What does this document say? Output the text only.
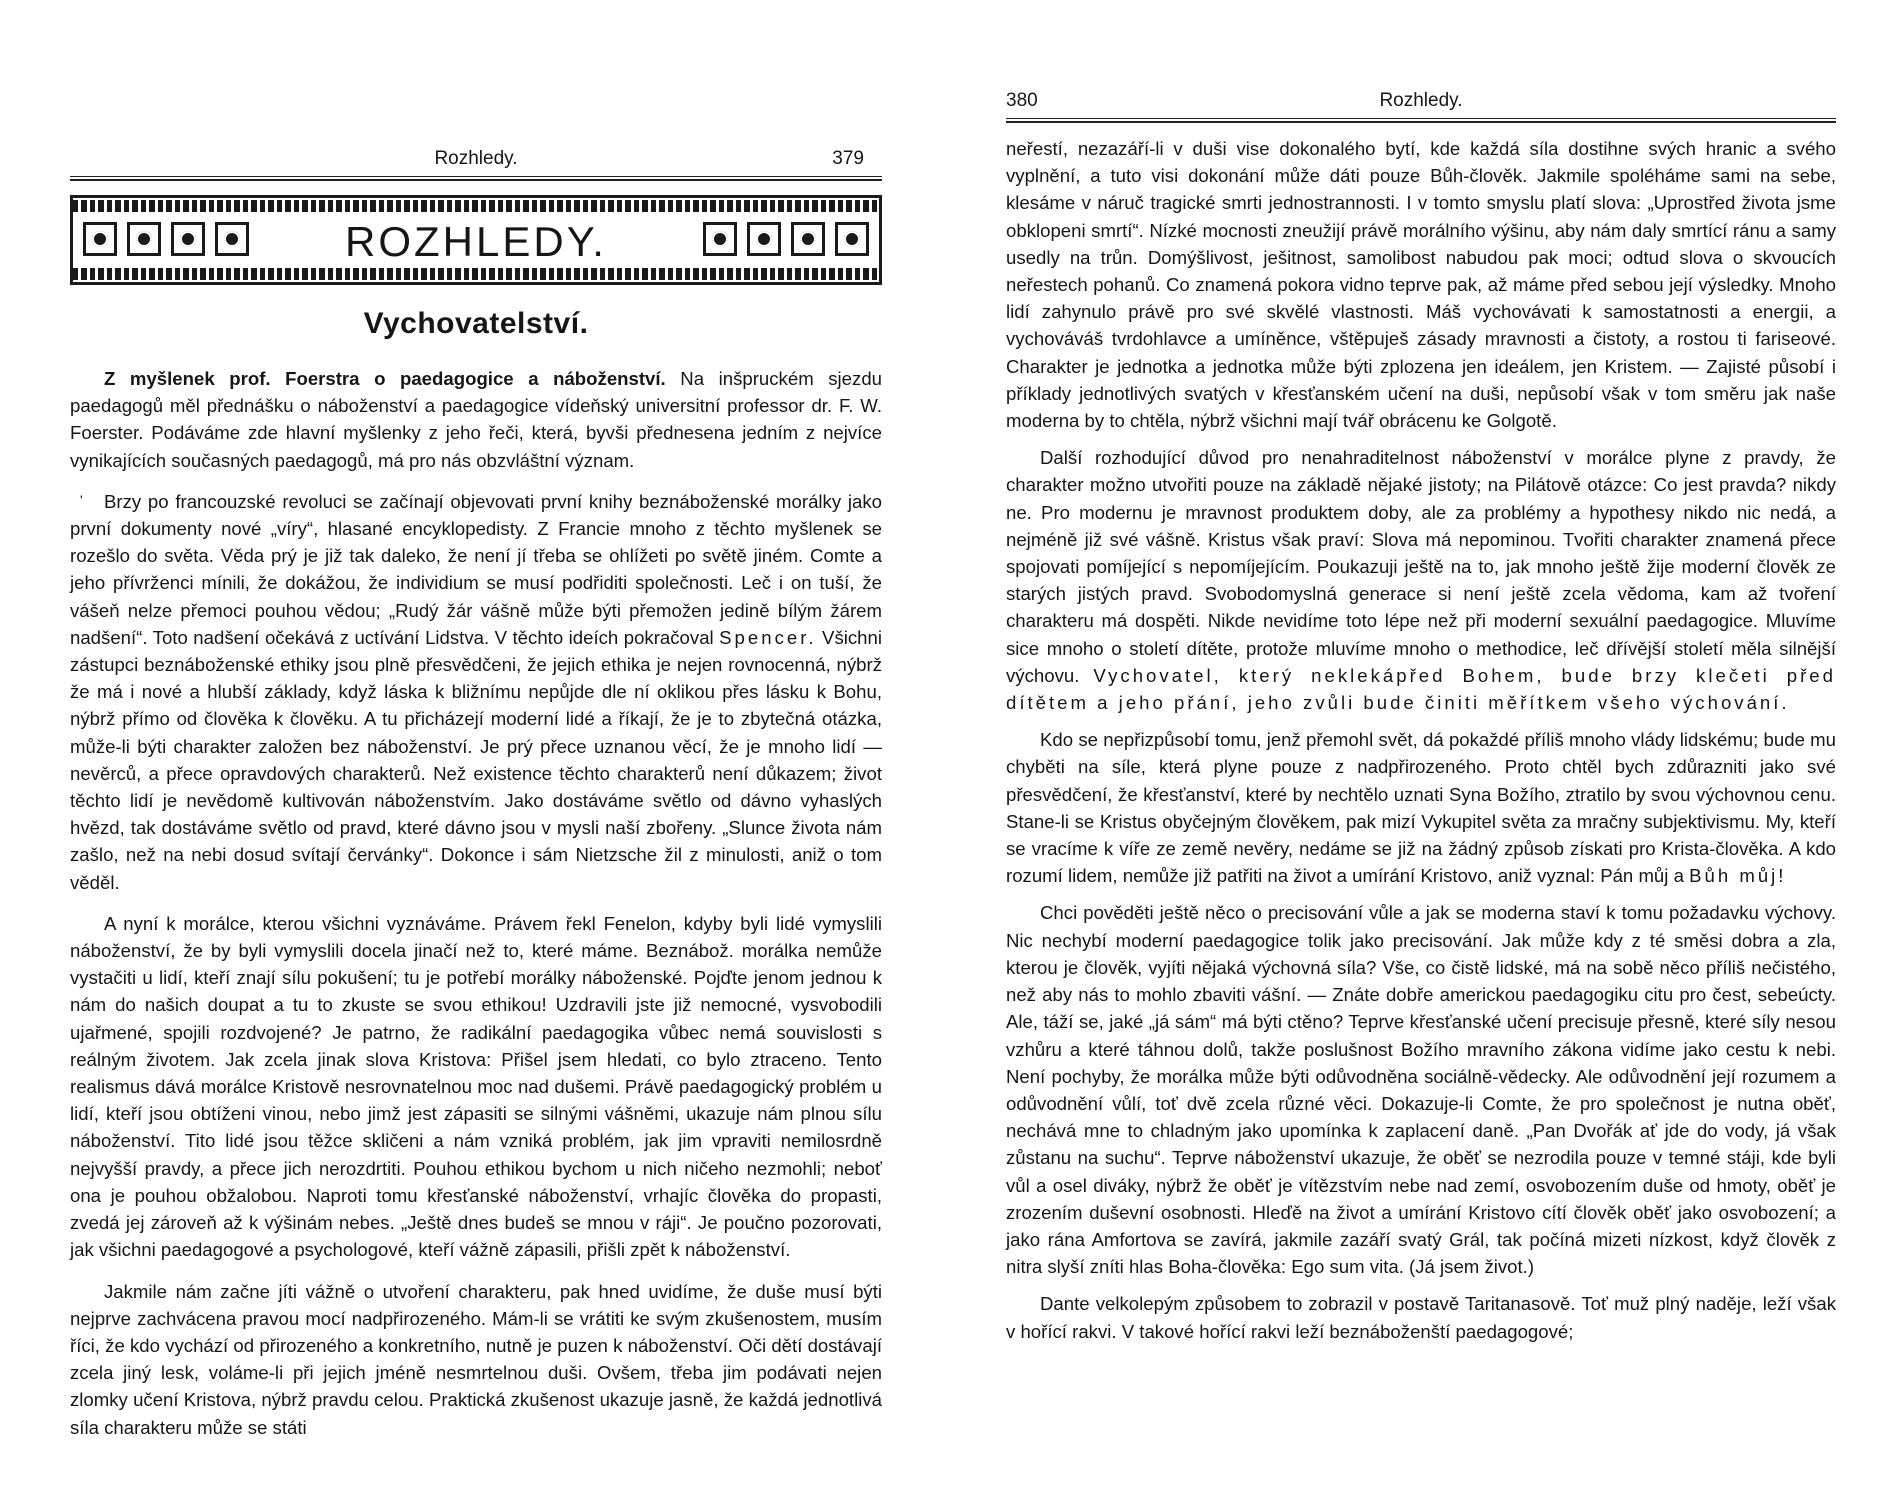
Rozhledy.	379
ROZHLEDY.
Vychovatelství.
'

Z myšlenek prof. Foerstra o paedagogice a náboženství. Na inšpruckém sjezdu paedagogů měl přednášku o náboženství a paedagogice vídeňský universitní professor dr. F. W. Foerster. Podáváme zde hlavní myšlenky z jeho řeči, která, byvši přednesena jedním z nejvíce vynikajících současných paedagogů, má pro nás obzvláštní význam.

Brzy po francouzské revoluci se začínají objevovati první knihy beznáboženské morálky jako první dokumenty nové „víry“, hlasané encyklopedisty. Z Francie mnoho z těchto myšlenek se rozešlo do světa. Věda prý je již tak daleko, že není jí třeba se ohlížeti po světě jiném. Comte a jeho přívrženci mínili, že dokážou, že individium se musí podřiditi společnosti. Leč i on tuší, že vášeň nelze přemoci pouhou vědou; „Rudý žár vášně může býti přemožen jedině bílým žárem nadšení“. Toto nadšení očekává z uctívání Lidstva. V těchto ideích pokračoval Spencer. Všichni zástupci beznáboženské ethiky jsou plně přesvědčeni, že jejich ethika je nejen rovnocenná, nýbrž že má i nové a hlubší základy, když láska k bližnímu nepůjde dle ní oklikou přes lásku k Bohu, nýbrž přímo od člověka k člověku. A tu přicházejí moderní lidé a říkají, že je to zbytečná otázka, může-li býti charakter založen bez náboženství. Je prý přece uznanou věcí, že je mnoho lidí — nevěrců, a přece opravdových charakterů. Než existence těchto charakterů není důkazem; život těchto lidí je nevědomě kultivován náboženstvím. Jako dostáváme světlo od dávno vyhaslých hvězd, tak dostáváme světlo od pravd, které dávno jsou v mysli naší zbořeny. „Slunce života nám zašlo, než na nebi dosud svítají červánky“. Dokonce i sám Nietzsche žil z minulosti, aniž o tom věděl.

A nyní k morálce, kterou všichni vyznáváme. Právem řekl Fenelon, kdyby byli lidé vymyslili náboženství, že by byli vymyslili docela jinačí než to, které máme. Beznábož. morálka nemůže vystačiti u lidí, kteří znají sílu pokušení; tu je potřebí morálky náboženské. Pojďte jenom jednou k nám do našich doupat a tu to zkuste se svou ethikou! Uzdravili jste již nemocné, vysvobodili ujařmené, spojili rozdvojené? Je patrno, že radikální paedagogika vůbec nemá souvislosti s reálným životem. Jak zcela jinak slova Kristova: Přišel jsem hledati, co bylo ztraceno. Tento realismus dává morálce Kristově nesrovnatelnou moc nad dušemi. Právě paedagogický problém u lidí, kteří jsou obtíženi vinou, nebo jimž jest zápasiti se silnými vášněmi, ukazuje nám plnou sílu náboženství. Tito lidé jsou těžce skličeni a nám vzniká problém, jak jim vpraviti nemilosrdně nejvyšší pravdy, a přece jich nerozdrtiti. Pouhou ethikou bychom u nich ničeho nezmohli; neboť ona je pouhou obžalobou. Naproti tomu křesťanské náboženství, vrhajíc člověka do propasti, zvedá jej zároveň až k výšinám nebes. „Ještě dnes budeš se mnou v ráji“. Je poučno pozorovati, jak všichni paedagogové a psychologové, kteří vážně zápasili, přišli zpět k náboženství.

Jakmile nám začne jíti vážně o utvoření charakteru, pak hned uvidíme, že duše musí býti nejprve zachvácena pravou mocí nadpřirozeného. Mám-li se vrátiti ke svým zkušenostem, musím říci, že kdo vychází od přirozeného a konkretního, nutně je puzen k náboženství. Oči dětí dostávají zcela jiný lesk, voláme-li při jejich jméně nesmrtelnou duši. Ovšem, třeba jim podávati nejen zlomky učení Kristova, nýbrž pravdu celou. Praktická zkušenost ukazuje jasně, že každá jednotlivá síla charakteru může se státi

380	Rozhledy.

neřestí, nezazáří-li v duši vise dokonalého bytí, kde každá síla dostihne svých hranic a svého vyplnění, a tuto visi dokonání může dáti pouze Bůh-člověk. Jakmile spoléháme sami na sebe, klesáme v náruč tragické smrti jednostrannosti. I v tomto smyslu platí slova: „Uprostřed života jsme obklopeni smrtí“. Nízké mocnosti zneužijí právě morálního výšinu, aby nám daly smrtící ránu a samy usedly na trůn. Domýšlivost, ješitnost, samolibost nabudou pak moci; odtud slova o skvoucích neřestech pohanů. Co znamená pokora vidno teprve pak, až máme před sebou její výsledky. Mnoho lidí zahynulo právě pro své skvělé vlastnosti. Máš vychovávati k samostatnosti a energii, a vychováváš tvrdohlavce a umíněnce, vštěpuješ zásady mravnosti a čistoty, a rostou ti fariseové. Charakter je jednotka a jednotka může býti zplozena jen ideálem, jen Kristem. — Zajisté působí i příklady jednotlivých svatých v křesťanském učení na duši, nepůsobí však v tom směru jak naše moderna by to chtěla, nýbrž všichni mají tvář obrácenu ke Golgotě.

Další rozhodující důvod pro nenahraditelnost náboženství v morálce plyne z pravdy, že charakter možno utvořiti pouze na základě nějaké jistoty; na Pilátově otázce: Co jest pravda? nikdy ne. Pro modernu je mravnost produktem doby, ale za problémy a hypothesy nikdo nic nedá, a nejméně již své vášně. Kristus však praví: Slova má nepominou. Tvořiti charakter znamená přece spojovati pomíjející s nepomíjejícím. Poukazuji ještě na to, jak mnoho ještě žije moderní člověk ze starých jistých pravd. Svobodomyslná generace si není ještě zcela vědoma, kam až tvoření charakteru má dospěti. Nikde nevidíme toto lépe než při moderní sexuální paedagogice. Mluvíme sice mnoho o století dítěte, protože mluvíme mnoho o methodice, leč dřívější století měla silnější výchovu. Vychovatel, který neklekápřed Bohem, bude brzy klečeti před dítětem a jeho přání, jeho zvůli bude činiti měřítkem všeho výchování.

Kdo se nepřizpůsobí tomu, jenž přemohl svět, dá pokaždé příliš mnoho vlády lidskému; bude mu chyběti na síle, která plyne pouze z nadpřirozeného. Proto chtěl bych zdůrazniti jako své přesvědčení, že křesťanství, které by nechtělo uznati Syna Božího, ztratilo by svou výchovnou cenu. Stane-li se Kristus obyčejným člověkem, pak mizí Vykupitel světa za mračny subjektivismu. My, kteří se vracíme k víře ze země nevěry, nedáme se již na žádný způsob získati pro Krista-člověka. A kdo rozumí lidem, nemůže již patřiti na život a umírání Kristovo, aniž vyznal: Pán můj a Bůh můj!

Chci pověděti ještě něco o precisování vůle a jak se moderna staví k tomu požadavku výchovy. Nic nechybí moderní paedagogice tolik jako precisování. Jak může kdy z té směsi dobra a zla, kterou je člověk, vyjíti nějaká výchovná síla? Vše, co čistě lidské, má na sobě něco příliš nečistého, než aby nás to mohlo zbaviti vášní. — Znáte dobře americkou paedagogiku citu pro čest, sebeúcty. Ale, táží se, jaké „já sám“ má býti ctěno? Teprve křesťanské učení precisuje přesně, které síly nesou vzhůru a které táhnou dolů, takže poslušnost Božího mravního zákona vidíme jako cestu k nebi. Není pochyby, že morálka může býti odůvodněna sociálně-vědecky. Ale odůvodnění její rozumem a odůvodnění vůlí, toť dvě zcela různé věci. Dokazuje-li Comte, že pro společnost je nutna oběť, nechává mne to chladným jako upomínka k zaplacení daně. „Pan Dvořák ať jde do vody, já však zůstanu na suchu“. Teprve náboženství ukazuje, že oběť se nezrodila pouze v temné stáji, kde byli vůl a osel diváky, nýbrž že oběť je vítězstvím nebe nad zemí, osvobozením duše od hmoty, oběť je zrozením duševní osobnosti. Hleďě na život a umírání Kristovo cítí člověk oběť jako osvobození; a jako rána Amfortova se zavírá, jakmile zazáří svatý Grál, tak počíná mizeti nízkost, když člověk z nitra slyší zníti hlas Boha-člověka: Ego sum vita. (Já jsem život.)

Dante velkolepým způsobem to zobrazil v postavě Taritanasově. Toť muž plný naděje, leží však v hořící rakvi. V takové hořící rakvi leží beznáboženští paedagogové;
